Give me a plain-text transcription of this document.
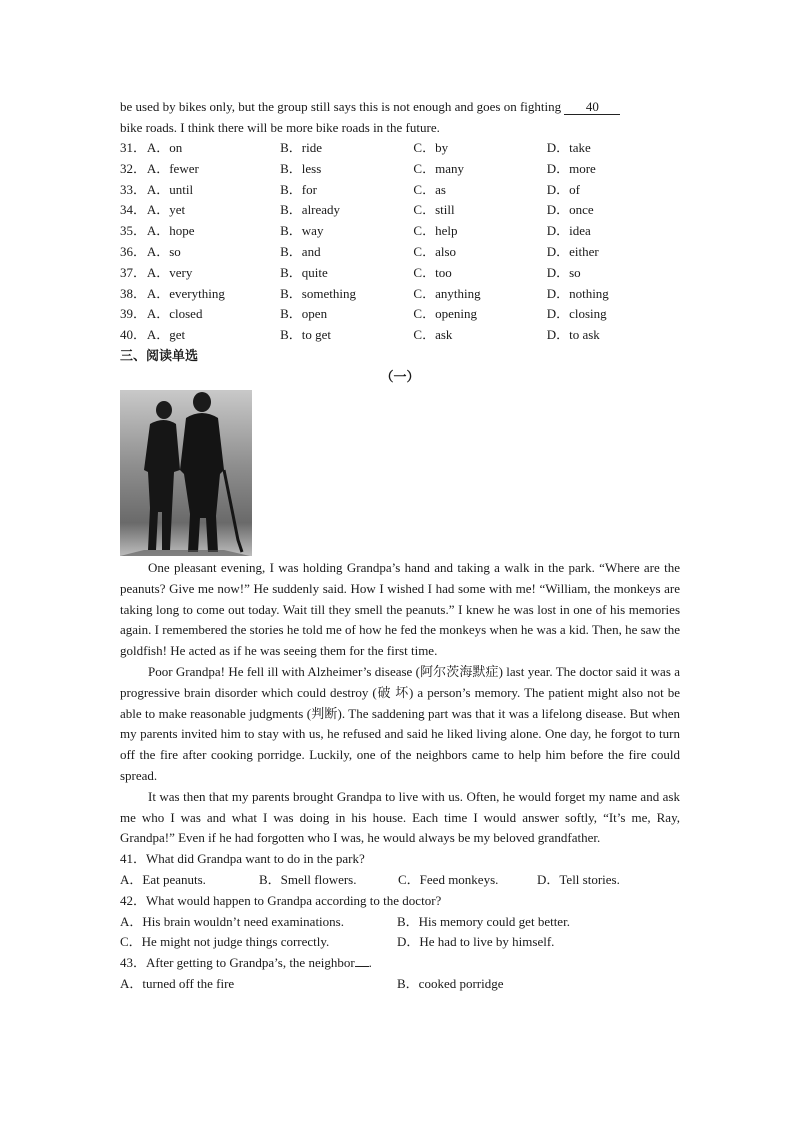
be used by bikes only, but the group still says this is not enough and goes on fighting 40
bike roads. I think there will be more bike roads in the future.
31． A．on	B．ride	C．by	D．take
32． A．fewer	B．less	C．many	D．more
33． A．until	B．for	C．as	D．of
34． A．yet	B．already	C．still	D．once
35． A．hope	B．way	C．help	D．idea
36． A．so	B．and	C．also	D．either
37． A．very	B．quite	C．too	D．so
38． A．everything	B．something	C．anything	D．nothing
39． A．closed	B．open	C．opening	D．closing
40． A．get	B．to get	C．ask	D．to ask
三、阅读单选
（一）

One pleasant evening, I was holding Grandpa’s hand and taking a walk in the park. “Where are the peanuts? Give me now!” He suddenly said. How I wished I had some with me! “William, the monkeys are taking long to come out today. Wait till they smell the peanuts.” I knew he was lost in one of his memories again. I remembered the stories he told me of how he fed the monkeys when he was a kid. Then, he saw the goldfish! He acted as if he was seeing them for the first time.

Poor Grandpa! He fell ill with Alzheimer’s disease (阿尔茨海默症) last year. The doctor said it was a progressive brain disorder which could destroy (破 坏) a person’s memory. The patient might also not be able to make reasonable judgments (判断). The saddening part was that it was a lifelong disease. But when my parents invited him to stay with us, he refused and said he liked living alone. One day, he forgot to turn off the fire after cooking porridge. Luckily, one of the neighbors came to help him before the fire could spread.

It was then that my parents brought Grandpa to live with us. Often, he would forget my name and ask me who I was and what I was doing in his house. Each time I would answer softly, “It’s me, Ray, Grandpa!” Even if he had forgotten who I was, he would always be my beloved grandfather.

41．What did Grandpa want to do in the park?
A．Eat peanuts.	B．Smell flowers.	C．Feed monkeys.	D．Tell stories.
42．What would happen to Grandpa according to the doctor?
A．His brain wouldn’t need examinations.	B．His memory could get better.
C．He might not judge things correctly.	D．He had to live by himself.
43．After getting to Grandpa’s, the neighbor .
A．turned off the fire	B．cooked porridge
